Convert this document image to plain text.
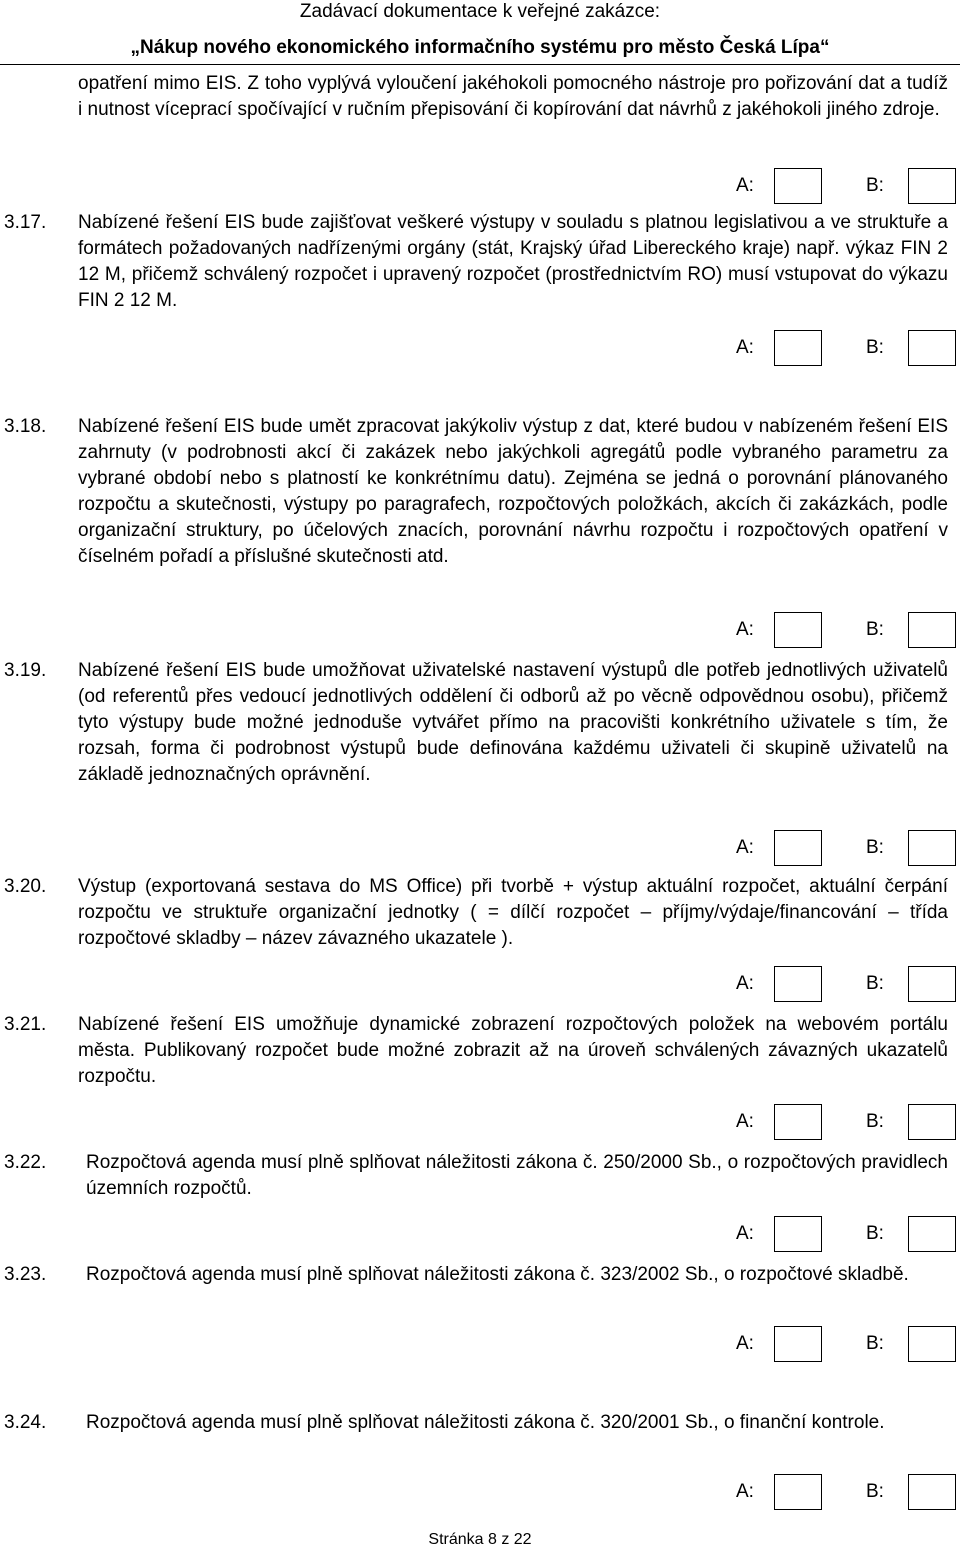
Zadávací dokumentace k veřejné zakázce:
„Nákup nového ekonomického informačního systému pro město Česká Lípa“
opatření mimo EIS. Z toho vyplývá vyloučení jakéhokoli pomocného nástroje pro pořizování dat a tudíž i nutnost víceprací spočívající v ručním přepisování či kopírování dat návrhů z jakéhokoli jiného zdroje.
A:	B:
3.17. Nabízené řešení EIS bude zajišťovat veškeré výstupy v souladu s platnou legislativou a ve struktuře a formátech požadovaných nadřízenými orgány (stát, Krajský úřad Libereckého kraje) např. výkaz FIN 2 12 M, přičemž schválený rozpočet i upravený rozpočet (prostřednictvím RO) musí vstupovat do výkazu FIN 2 12 M.
A:	B:
3.18. Nabízené řešení EIS bude umět zpracovat jakýkoliv výstup z dat, které budou v nabízeném řešení EIS zahrnuty (v podrobnosti akcí či zakázek nebo jakýchkoli agregátů podle vybraného parametru za vybrané období nebo s platností ke konkrétnímu datu). Zejména se jedná o porovnání plánovaného rozpočtu a skutečnosti, výstupy po paragrafech, rozpočtových položkách, akcích či zakázkách, podle organizační struktury, po účelových znacích, porovnání návrhu rozpočtu i rozpočtových opatření v číselném pořadí a příslušné skutečnosti atd.
A:	B:
3.19. Nabízené řešení EIS bude umožňovat uživatelské nastavení výstupů dle potřeb jednotlivých uživatelů (od referentů přes vedoucí jednotlivých oddělení či odborů až po věcně odpovědnou osobu), přičemž tyto výstupy bude možné jednoduše vytvářet přímo na pracovišti konkrétního uživatele s tím, že rozsah, forma či podrobnost výstupů bude definována každému uživateli či skupině uživatelů na základě jednoznačných oprávnění.
A:	B:
3.20. Výstup (exportovaná sestava do MS Office) při tvorbě + výstup aktuální rozpočet, aktuální čerpání rozpočtu ve struktuře organizační jednotky ( = dílčí rozpočet – příjmy/výdaje/financování – třída rozpočtové skladby – název závazného ukazatele ).
A:	B:
3.21. Nabízené řešení EIS umožňuje dynamické zobrazení rozpočtových položek na webovém portálu města. Publikovaný rozpočet bude možné zobrazit až na úroveň schválených závazných ukazatelů rozpočtu.
A:	B:
3.22. Rozpočtová agenda musí plně splňovat náležitosti zákona č. 250/2000 Sb., o rozpočtových pravidlech územních rozpočtů.
A:	B:
3.23. Rozpočtová agenda musí plně splňovat náležitosti zákona č. 323/2002 Sb., o rozpočtové skladbě.
A:	B:
3.24. Rozpočtová agenda musí plně splňovat náležitosti zákona č. 320/2001 Sb., o finanční kontrole.
A:	B:
Stránka 8 z 22
